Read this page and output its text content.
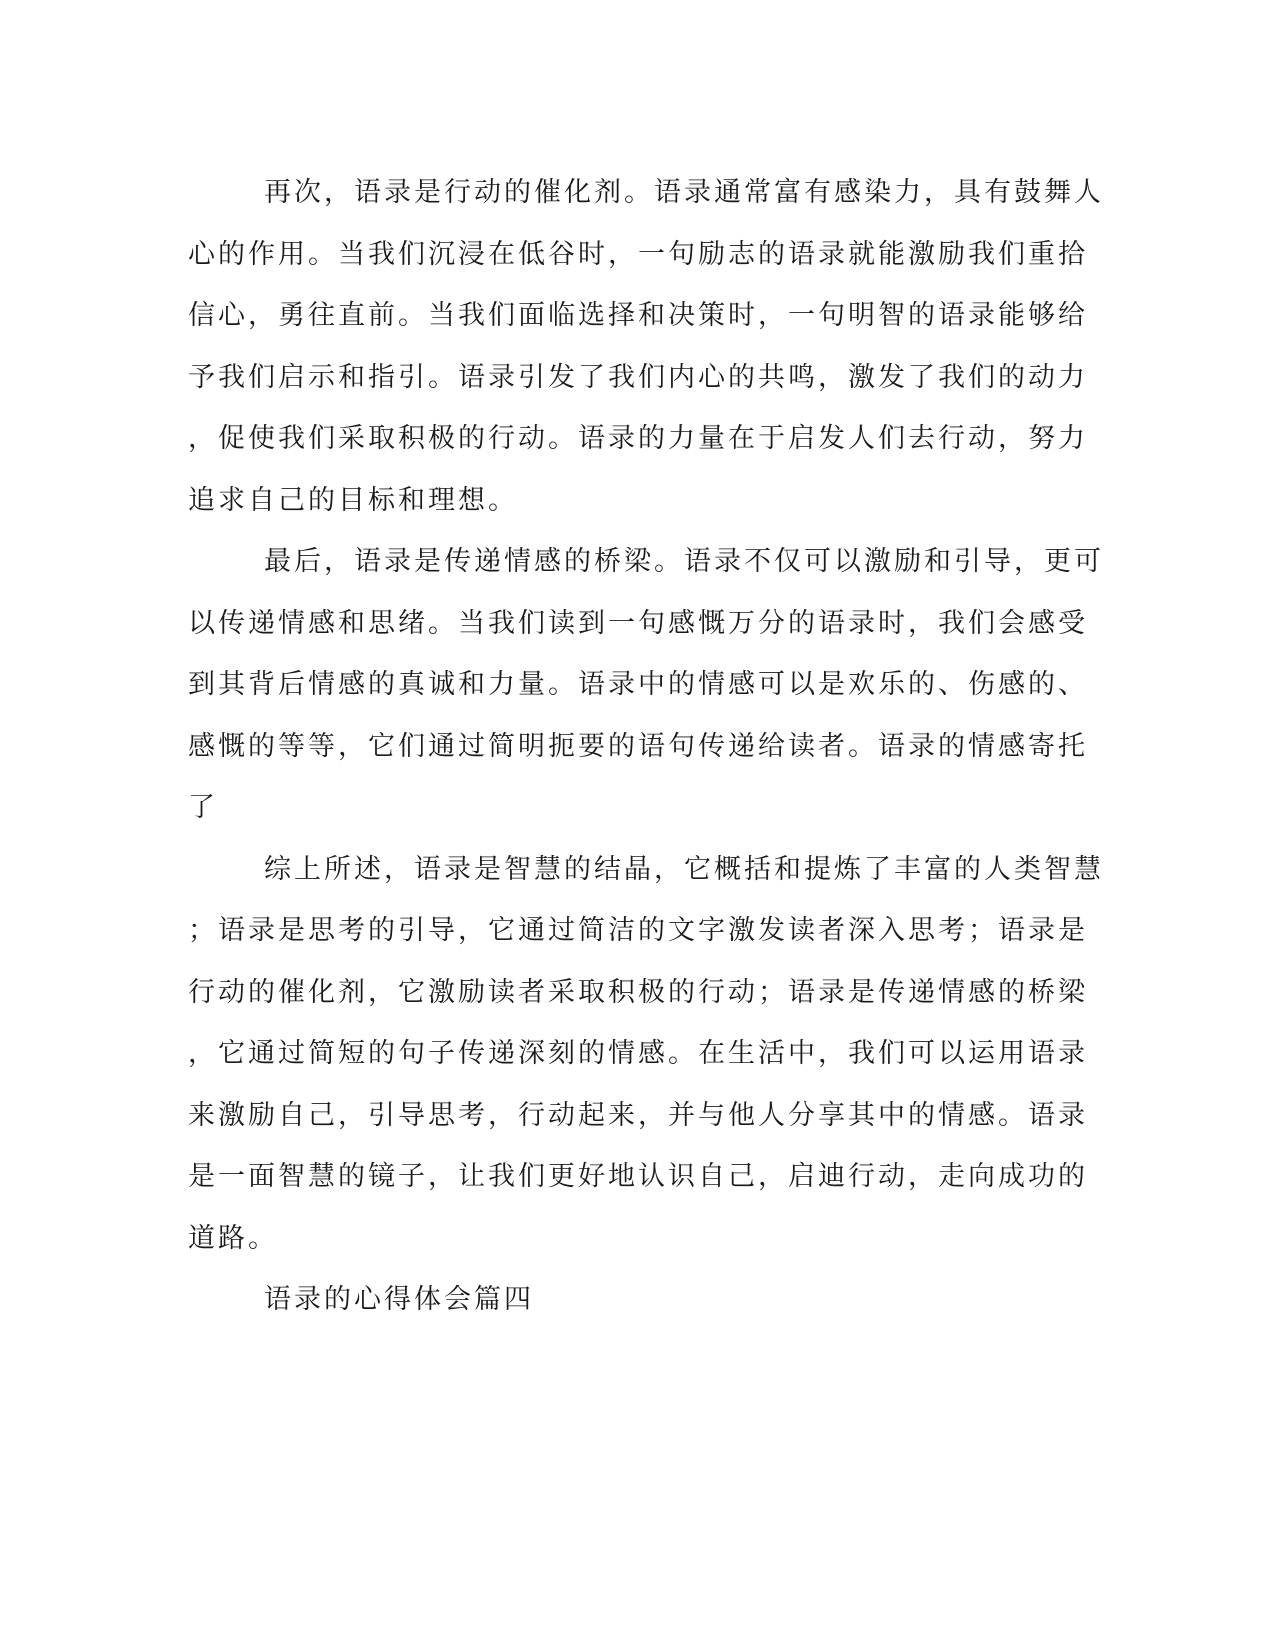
再次，语录是行动的催化剂。语录通常富有感染力，具有鼓舞人
心的作用。当我们沉浸在低谷时，一句励志的语录就能激励我们重拾
信心，勇往直前。当我们面临选择和决策时，一句明智的语录能够给
予我们启示和指引。语录引发了我们内心的共鸣，激发了我们的动力
，促使我们采取积极的行动。语录的力量在于启发人们去行动，努力
追求自己的目标和理想。
最后，语录是传递情感的桥梁。语录不仅可以激励和引导，更可
以传递情感和思绪。当我们读到一句感慨万分的语录时，我们会感受
到其背后情感的真诚和力量。语录中的情感可以是欢乐的、伤感的、
感慨的等等，它们通过简明扼要的语句传递给读者。语录的情感寄托
了
综上所述，语录是智慧的结晶，它概括和提炼了丰富的人类智慧
；语录是思考的引导，它通过简洁的文字激发读者深入思考；语录是
行动的催化剂，它激励读者采取积极的行动；语录是传递情感的桥梁
，它通过简短的句子传递深刻的情感。在生活中，我们可以运用语录
来激励自己，引导思考，行动起来，并与他人分享其中的情感。语录
是一面智慧的镜子，让我们更好地认识自己，启迪行动，走向成功的
道路。
语录的心得体会篇四
